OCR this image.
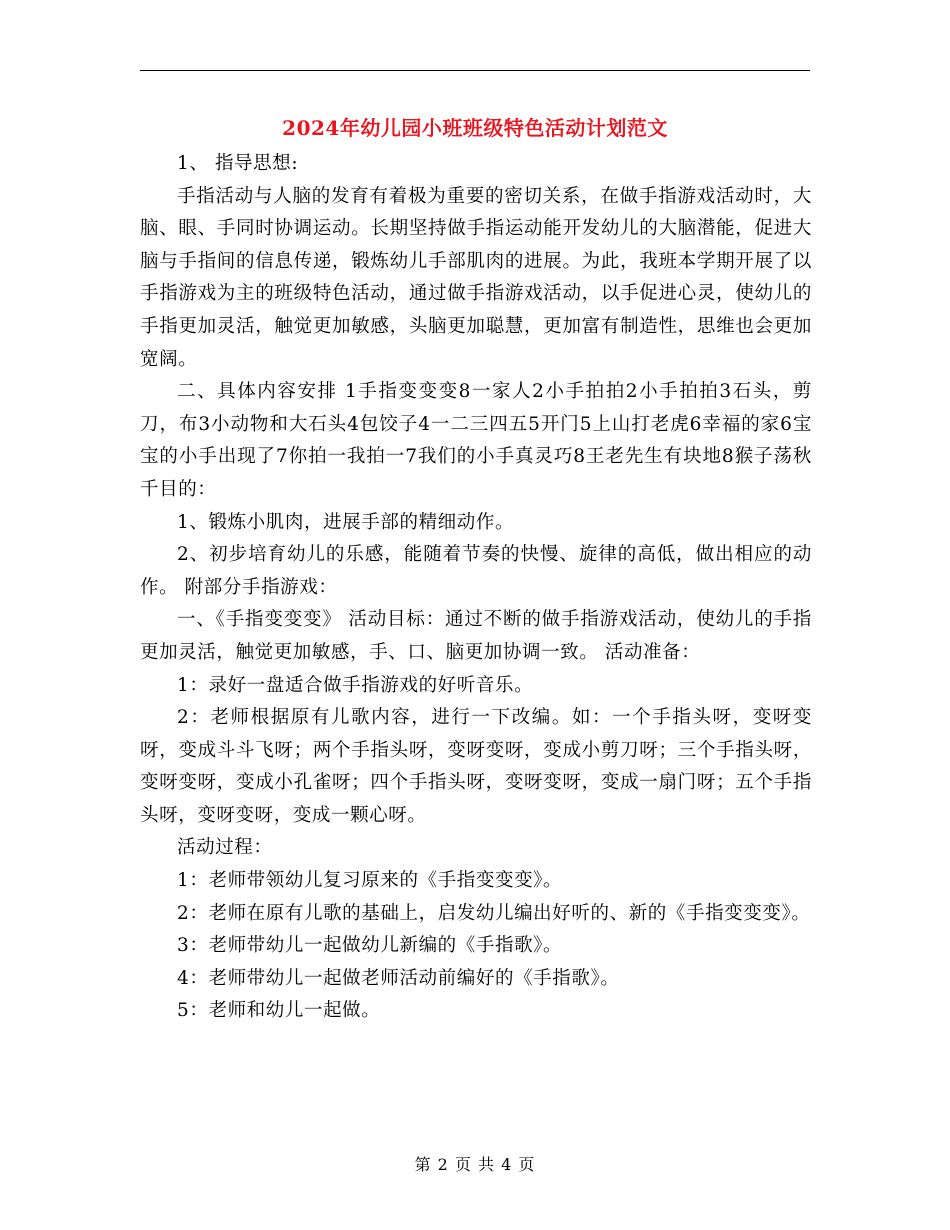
2024年幼儿园小班班级特色活动计划范文

1、 指导思想:

手指活动与人脑的发育有着极为重要的密切关系，在做手指游戏活动时，大脑、眼、手同时协调运动。长期坚持做手指运动能开发幼儿的大脑潜能，促进大脑与手指间的信息传递，锻炼幼儿手部肌肉的进展。为此，我班本学期开展了以手指游戏为主的班级特色活动，通过做手指游戏活动，以手促进心灵，使幼儿的手指更加灵活，触觉更加敏感，头脑更加聪慧，更加富有制造性，思维也会更加宽阔。

二、具体内容安排 1手指变变变8一家人2小手拍拍2小手拍拍3石头，剪刀，布3小动物和大石头4包饺子4一二三四五5开门5上山打老虎6幸福的家6宝宝的小手出现了7你拍一我拍一7我们的小手真灵巧8王老先生有块地8猴子荡秋千目的：

1、锻炼小肌肉，进展手部的精细动作。

2、初步培育幼儿的乐感，能随着节奏的快慢、旋律的高低，做出相应的动作。 附部分手指游戏：

一、《手指变变变》 活动目标：通过不断的做手指游戏活动，使幼儿的手指更加灵活，触觉更加敏感，手、口、脑更加协调一致。 活动准备：

1：录好一盘适合做手指游戏的好听音乐。

2：老师根据原有儿歌内容，进行一下改编。如：一个手指头呀，变呀变呀，变成斗斗飞呀；两个手指头呀，变呀变呀，变成小剪刀呀；三个手指头呀，变呀变呀，变成小孔雀呀；四个手指头呀，变呀变呀，变成一扇门呀；五个手指头呀，变呀变呀，变成一颗心呀。

活动过程：

1：老师带领幼儿复习原来的《手指变变变》。

2：老师在原有儿歌的基础上，启发幼儿编出好听的、新的《手指变变变》。

3：老师带幼儿一起做幼儿新编的《手指歌》。

4：老师带幼儿一起做老师活动前编好的《手指歌》。

5：老师和幼儿一起做。

第 2 页 共 4 页
